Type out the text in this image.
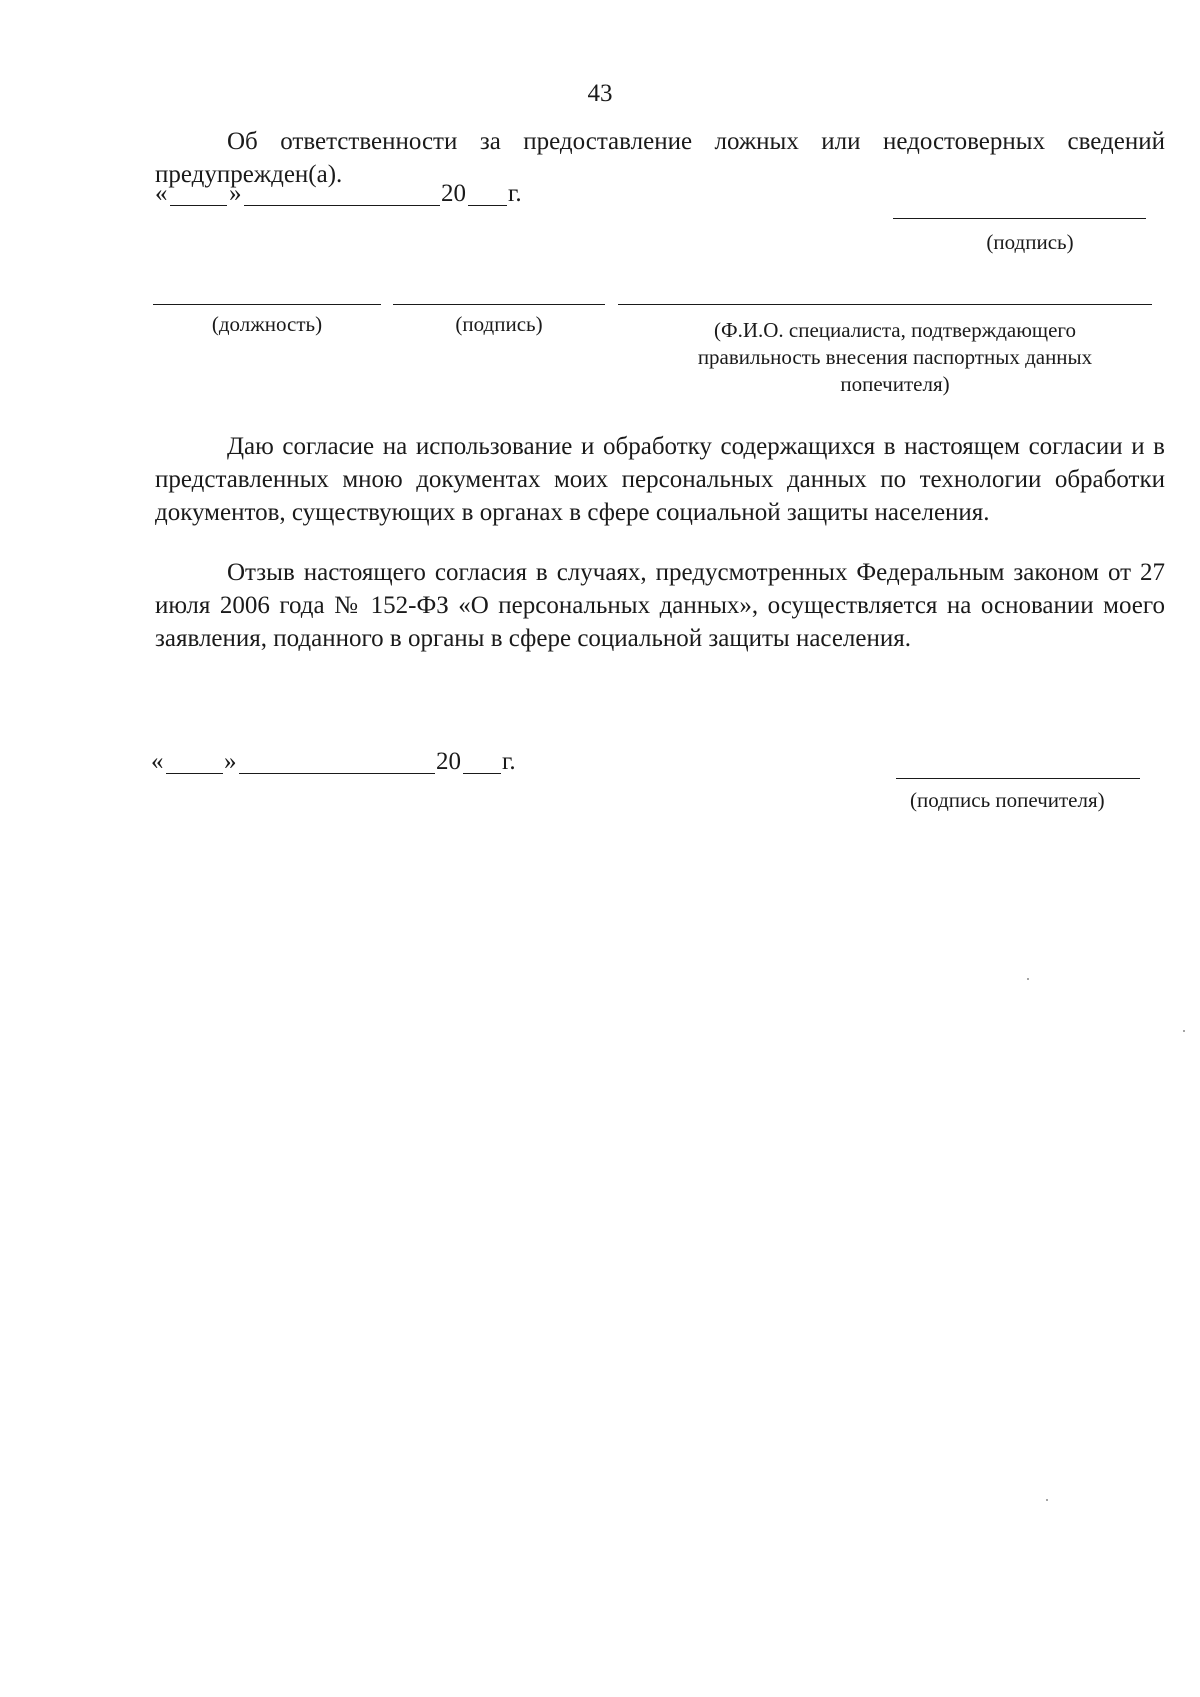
43
Об ответственности за предоставление ложных или недостоверных сведений предупрежден(а).
« »	20 г.
(подпись)
(должность)	(подпись)	(Ф.И.О. специалиста, подтверждающего правильность внесения паспортных данных попечителя)
Даю согласие на использование и обработку содержащихся в настоящем согласии и в представленных мною документах моих персональных данных по технологии обработки документов, существующих в органах в сфере социальной защиты населения.
Отзыв настоящего согласия в случаях, предусмотренных Федеральным законом от 27 июля 2006 года № 152-ФЗ «О персональных данных», осуществляется на основании моего заявления, поданного в органы в сфере социальной защиты населения.
« »	20 г.
(подпись попечителя)
